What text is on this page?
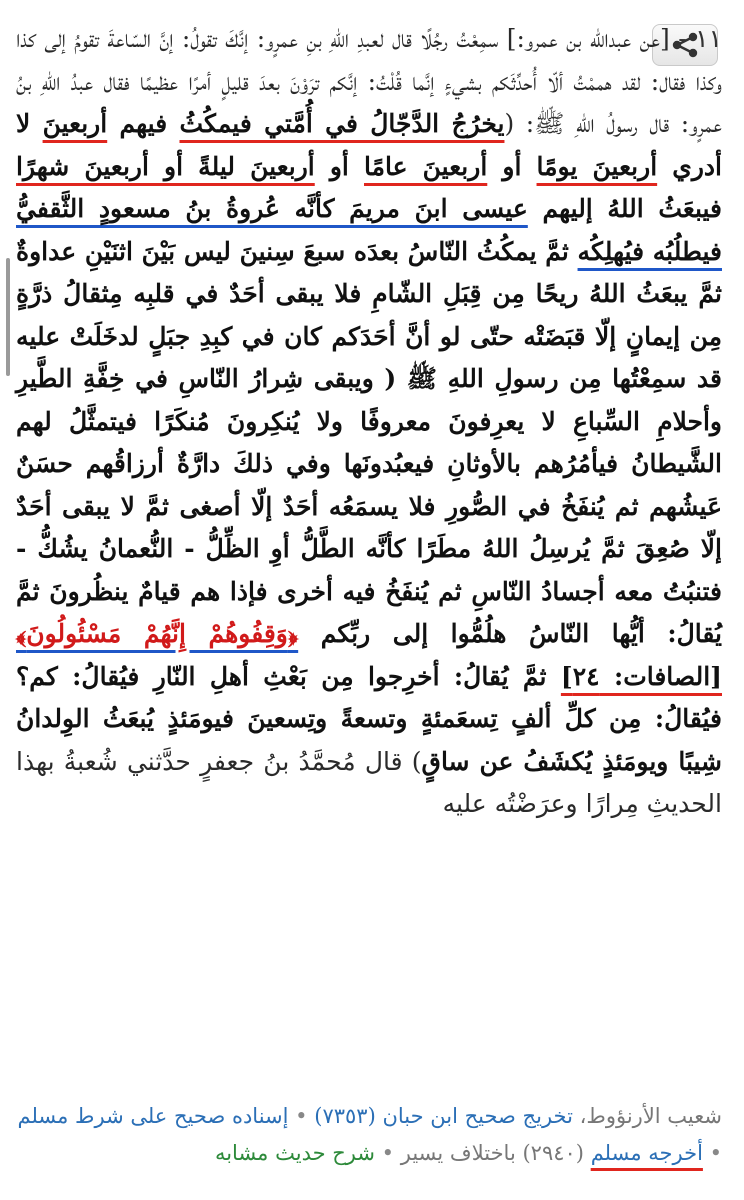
١١ - [عن عبدالله بن عمرو:] سمِعْتُ رجُلًا قال لعبدِ اللهِ بنِ عمرٍو: إنَّكَ تقولُ: إنَّ السّاعةَ تقومُ إلى كذا وكذا فقال: لقد هممْتُ ألّا أُحدِّثَكم بشيءٍ إنَّما قُلْتُ: إنَّكم ترَوْنَ بعدَ قليلٍ أمرًا عظيمًا فقال عبدُ اللهِ بنُ عمرٍو: قال رسولُ اللهِ ﷺ: (يخرُجُ الدَّجّالُ في أُمَّتي فيمكُثُ فيهم أربعينَ لا أدري أربعينَ يومًا أو أربعينَ عامًا أو أربعينَ ليلةً أو أربعينَ شهرًا فيبعَثُ اللهُ إليهم عيسى ابنَ مريمَ كأنَّه عُروةُ بنُ مسعودٍ الثَّقفيُّ فيطلُبُه فيُهلِكُه ثمَّ يمكُثُ النّاسُ بعدَه سبعَ سِنينَ ليس بَيْنَ اثنَيْنِ عداوةٌ ثمَّ يبعَثُ اللهُ ريحًا مِن قِبَلِ الشّامِ فلا يبقى أحَدٌ في قلبِه مِثقالُ ذرَّةٍ مِن إيمانٍ إلّا قبَضَتْه حتّى لو أنَّ أحَدَكم كان في كبِدِ جبَلٍ لدخَلَتْ عليه قد سمِعْتُها مِن رسولِ اللهِ ﷺ ( ويبقى شِرارُ النّاسِ في خِفَّةِ الطَّيرِ وأحلامِ السِّباعِ لا يعرِفونَ معروفًا ولا يُنكِرونَ مُنكَرًا فيتمثَّلُ لهم الشَّيطانُ فيأمُرُهم بالأوثانِ فيعبُدونَها وفي ذلكَ دارَّةٌ أرزاقُهم حسَنٌ عَيشُهم ثم يُنفَخُ في الصُّورِ فلا يسمَعُه أحَدٌ إلّا أصغى ثمَّ لا يبقى أحَدٌ إلّا صُعِقَ ثمَّ يُرسِلُ اللهُ مطَرًا كأنَّه الطَّلُّ أوِ الظِّلُّ - النُّعمانُ يشُكُّ - فتنبُتُ معه أجسادُ النّاسِ ثم يُنفَخُ فيه أخرى فإذا هم قيامٌ ينظُرونَ ثمَّ يُقالُ: أيُّها النّاسُ هلُمُّوا إلى ربِّكم ﴿وَقِفُوهُمْ إِنَّهُمْ مَسْئُولُونَ﴾ [الصافات: ٢٤] ثمَّ يُقالُ: أخرِجوا مِن بَعْثِ أهلِ النّارِ فيُقالُ: كم؟ فيُقالُ: مِن كلِّ ألفٍ تِسعَمئةٍ وتسعةً وتِسعينَ فيومَئذٍ يُبعَثُ الوِلدانُ شِيبًا ويومَئذٍ يُكشَفُ عن ساقٍ) قال مُحمَّدُ بنُ جعفرٍ حدَّثني شُعبةُ بهذا الحديثِ مِرارًا وعرَضْتُه عليه
شعيب الأرنؤوط، تخريج صحيح ابن حبان (٧٣٥٣) • إسناده صحيح على شرط مسلم • أخرجه مسلم (٢٩٤٠) باختلاف يسير • شرح حديث مشابه
